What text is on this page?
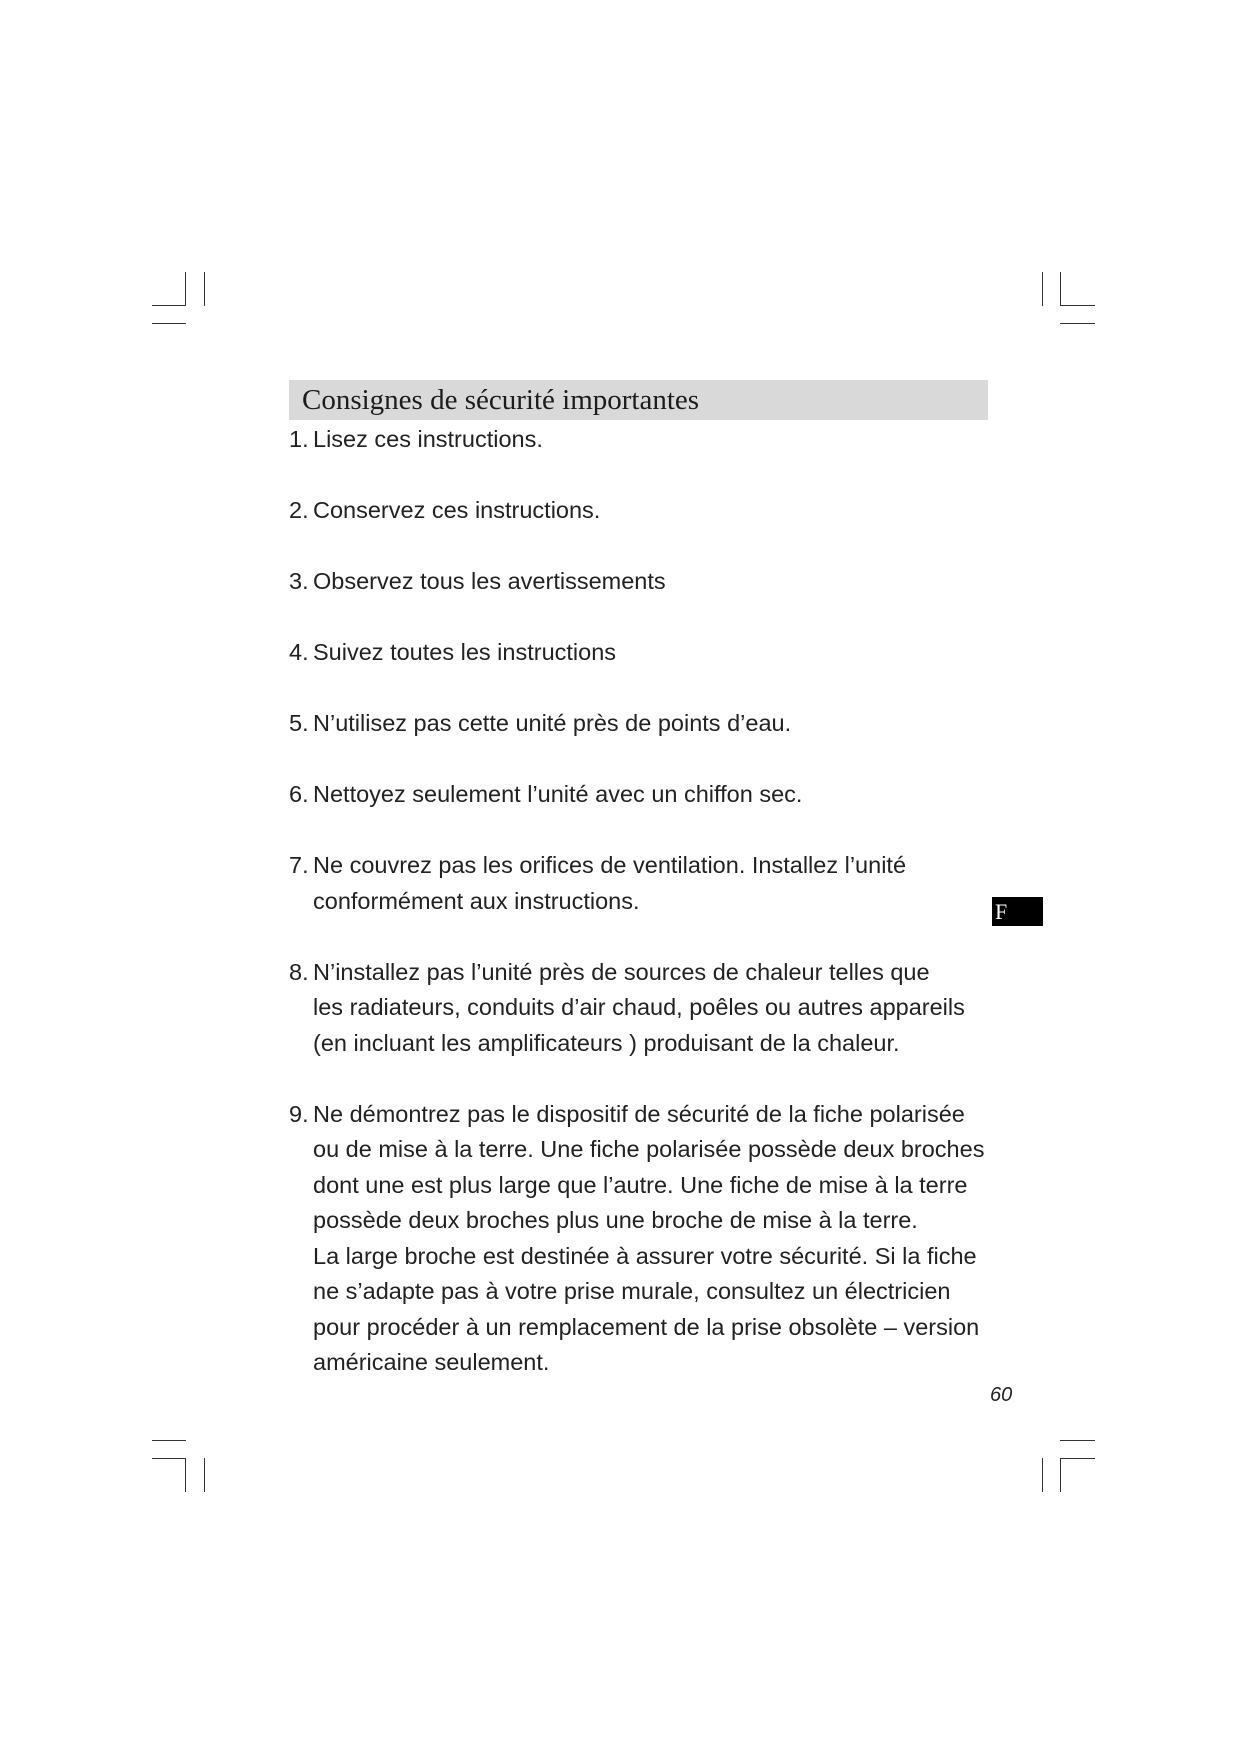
Consignes de sécurité importantes
1. Lisez ces instructions.
2. Conservez ces instructions.
3. Observez tous les avertissements
4. Suivez toutes les instructions
5. N’utilisez pas cette unité près de points d’eau.
6. Nettoyez seulement l’unité avec un chiffon sec.
7. Ne couvrez pas les orifices de ventilation. Installez l’unité
conformément aux instructions.
8. N’installez pas l’unité près de sources de chaleur telles que
les radiateurs, conduits d’air chaud, poêles ou autres appareils
(en incluant les amplificateurs ) produisant de la chaleur.
9. Ne démontrez pas le dispositif de sécurité de la fiche polarisée
ou de mise à la terre. Une fiche polarisée possède deux broches
dont une est plus large que l’autre. Une fiche de mise à la terre
possède deux broches plus une broche de mise à la terre.
La large broche est destinée à assurer votre sécurité. Si la fiche
ne s’adapte pas à votre prise murale, consultez un électricien
pour procéder à un remplacement de la prise obsolète – version
américaine seulement.
F
60
